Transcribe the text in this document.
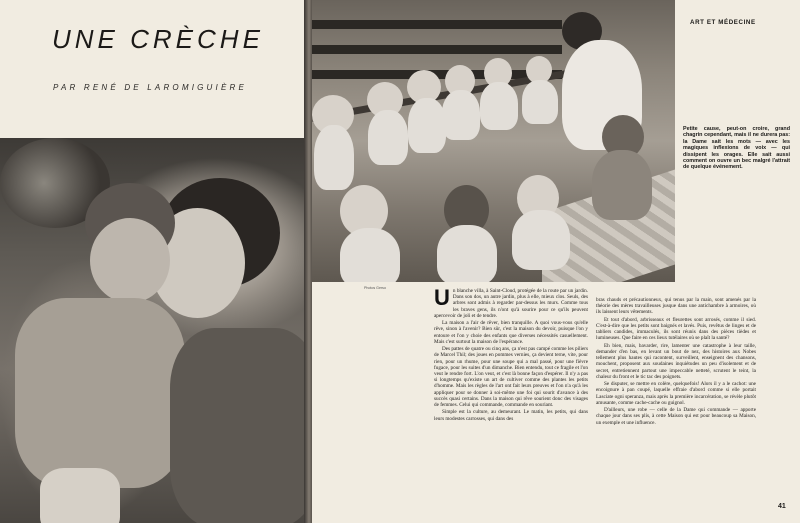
UNE CRÈCHE
PAR RENÉ DE LAROMIGUIÈRE
Photos Gerso
ART ET MÉDECINE

Petite cause, peut-on croire, grand chagrin cependant, mais il ne durera pas: la Dame sait les mots — avec les magiques inflexions de voix — qui dissipent les orages. Elle sait aussi comment on ouvre un bec malgré l'attrait de quelque événement.

U n blanche villa, à Saint-Cloud, protégée de la route par un jardin. Dans son dos, un autre jardin, plus à elle, mieux clos. Seuls, des arbres sont admis à regarder par-dessus les murs. Comme tous les braves gens, ils n'ont qu'à sourire pour ce qu'ils peuvent apercevoir de joli et de tendre.

La maison a l'air de rêver, bien tranquille. A quoi vous-vous qu'elle rêve, sinon à l'avenir? Bien sûr, c'est la maison du devoir, puisque l'on y entoure et l'on y choie des enfants que diverses nécessités casuellement. Mais c'est surtout la maison de l'espérance.

Des pattes de quatre ou cinq ans, ça n'est pas campé comme les piliers de Marcel Thil; des joues en pommes vernies, ça devient terne, vite, pour rien, pour un rhume, pour une soupe qui a mal passé, pour une fièvre fugace, pour les suites d'un dimanche. Bien entendu, tout ce fragile et l'on veut le rendre fort. L'on veut, et c'est là bonne façon d'espérer. Il n'y a pas si longtemps qu'existe un art de cultiver comme des plantes les petits d'homme. Mais les règles de l'art ont fait leurs preuves et l'on n'a qu'à les appliquer pour se donner à soi-même une foi qui sourit d'avance à des succès quasi certains. Dans la maison qui rêve sourient donc des visages de femmes. Celui qui commande, commande en souriant.

Simple est la culture, au demeurant. Le matin, les petits, qui dans leurs modestes carrosses, qui dans des

bras chauds et précautionneux, qui tenus par la main, sont amenés par la théorie des mères travailleuses jusque dans une antichambre à armoires, où ils laissent leurs vêtements.

Et tout d'abord, arbrisseaux et fleurettes sont arrosés, comme il sied. C'est-à-dire que les petits sont baignés et lavés. Puis, revêtus de linges et de tabliers candides, immaculés, ils sont réunis dans des pièces tièdes et lumineuses. Que faire en ces lieux tutélaires où se plaît la santé?

Eh bien, mais, bavarder, rire, lamenter une catastrophe à leur taille, demander d'en bas, en levant un bout de nez, des histoires aux Nobes tellement plus hautes qui racontent, surveillent, enseignent des chansons, mouchent, proposent aux soudaines inquiétudes un peu d'isolement et de secret, entretiennent partout une impeccable netteté, scrutent le teint, la chaleur du front et le tic tac des poignets.

Se disputer, se mettre en colère, quelquefois! Alors il y a le cachot: une encoignure à pan coupé, laquelle effraie d'abord comme si elle portait Lasciate ogni speranza, mais après la première incarcération, se révèle plutôt amusante, comme cache-cache ou guignol.

D'ailleurs, une robe — celle de la Dame qui commande — apporte chaque jour dans ses plis, à cette Maison qui est pour beaucoup sa Maison, un exemple et une influence.

41
